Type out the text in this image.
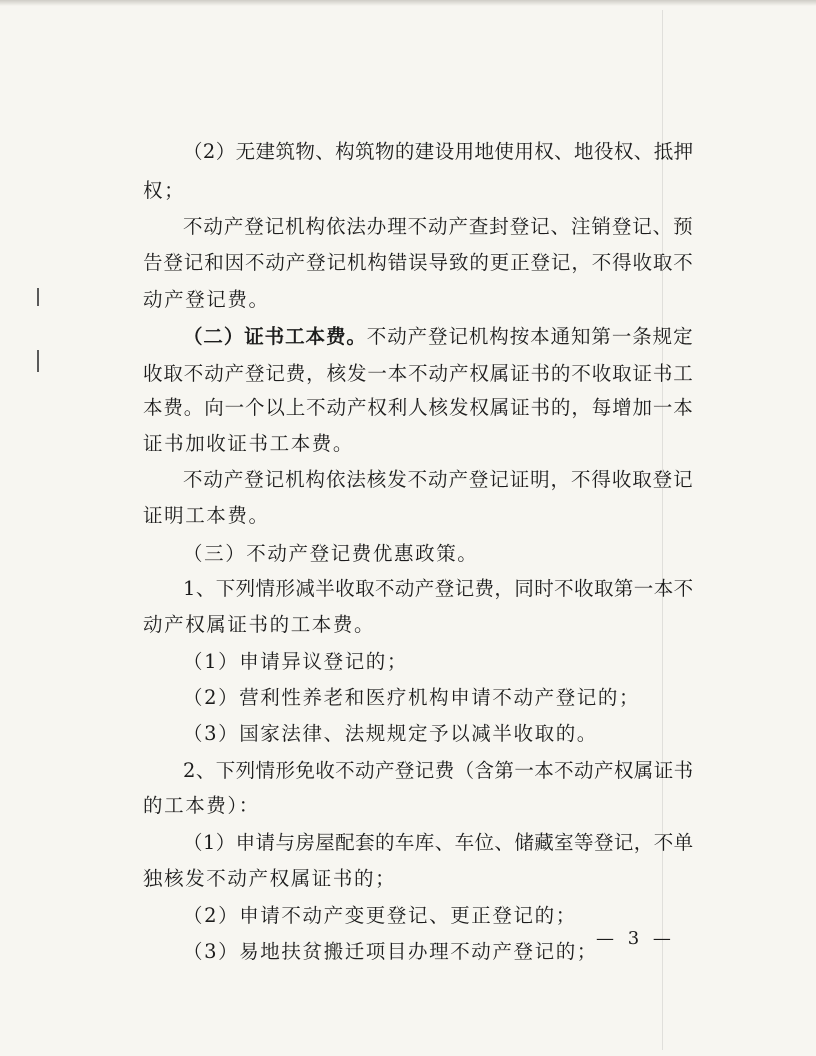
（2）无建筑物、构筑物的建设用地使用权、地役权、抵押
权；
不动产登记机构依法办理不动产查封登记、注销登记、预
告登记和因不动产登记机构错误导致的更正登记，不得收取不
动产登记费。
（二）证书工本费。不动产登记机构按本通知第一条规定
收取不动产登记费，核发一本不动产权属证书的不收取证书工
本费。向一个以上不动产权利人核发权属证书的，每增加一本
证书加收证书工本费。
不动产登记机构依法核发不动产登记证明，不得收取登记
证明工本费。
（三）不动产登记费优惠政策。
1、下列情形减半收取不动产登记费，同时不收取第一本不
动产权属证书的工本费。
（1）申请异议登记的；
（2）营利性养老和医疗机构申请不动产登记的；
（3）国家法律、法规规定予以减半收取的。
2、下列情形免收不动产登记费（含第一本不动产权属证书
的工本费）：
（1）申请与房屋配套的车库、车位、储藏室等登记，不单
独核发不动产权属证书的；
（2）申请不动产变更登记、更正登记的；
（3）易地扶贫搬迁项目办理不动产登记的；
— 3 —
